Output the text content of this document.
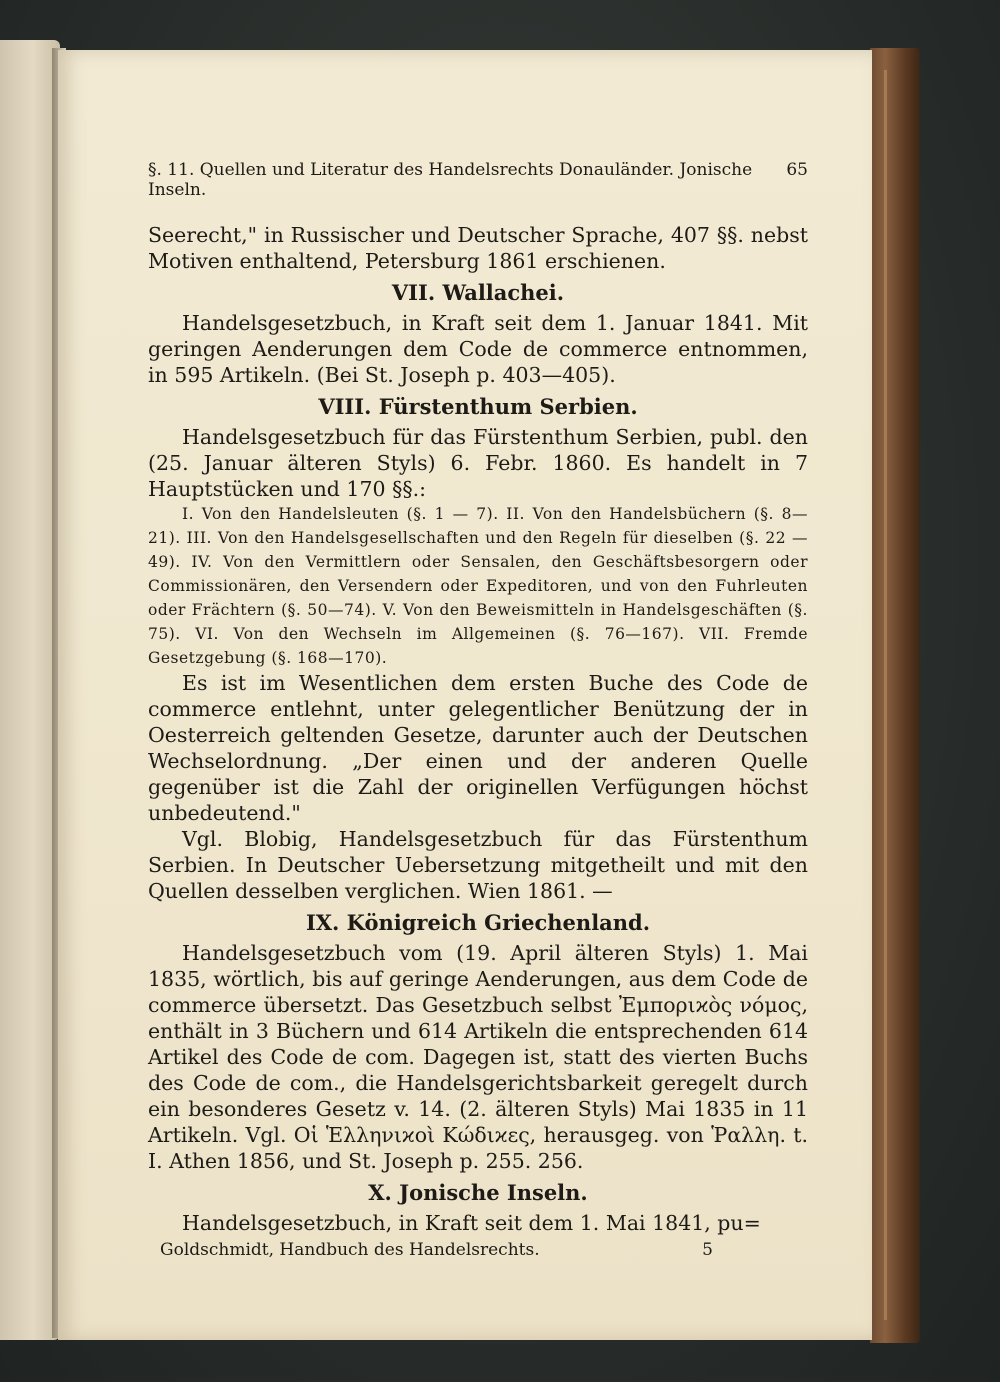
§. 11. Quellen und Literatur des Handelsrechts Donauländer. Jonische Inseln.
65

Seerecht," in Russischer und Deutscher Sprache, 407 §§. nebst Motiven enthaltend, Petersburg 1861 erschienen.

VII. Wallachei.

Handelsgesetzbuch, in Kraft seit dem 1. Januar 1841. Mit geringen Aenderungen dem Code de commerce entnommen, in 595 Artikeln. (Bei St. Joseph p. 403—405).

VIII. Fürstenthum Serbien.

Handelsgesetzbuch für das Fürstenthum Serbien, publ. den (25. Januar älteren Styls) 6. Febr. 1860. Es handelt in 7 Hauptstücken und 170 §§.:

I. Von den Handelsleuten (§. 1 — 7). II. Von den Handelsbüchern (§. 8—21). III. Von den Handelsgesellschaften und den Regeln für dieselben (§. 22 — 49). IV. Von den Vermittlern oder Sensalen, den Geschäftsbesorgern oder Commissionären, den Versendern oder Expeditoren, und von den Fuhrleuten oder Frächtern (§. 50—74). V. Von den Beweismitteln in Handelsgeschäften (§. 75). VI. Von den Wechseln im Allgemeinen (§. 76—167). VII. Fremde Gesetzgebung (§. 168—170).

Es ist im Wesentlichen dem ersten Buche des Code de commerce entlehnt, unter gelegentlicher Benützung der in Oesterreich geltenden Gesetze, darunter auch der Deutschen Wechselordnung. „Der einen und der anderen Quelle gegenüber ist die Zahl der originellen Verfügungen höchst unbedeutend."

Vgl. Blobig, Handelsgesetzbuch für das Fürstenthum Serbien. In Deutscher Uebersetzung mitgetheilt und mit den Quellen desselben verglichen. Wien 1861. —

IX. Königreich Griechenland.

Handelsgesetzbuch vom (19. April älteren Styls) 1. Mai 1835, wörtlich, bis auf geringe Aenderungen, aus dem Code de commerce übersetzt. Das Gesetzbuch selbst Ἐμποριϰὸς νόμος, enthält in 3 Büchern und 614 Artikeln die entsprechenden 614 Artikel des Code de com. Dagegen ist, statt des vierten Buchs des Code de com., die Handelsgerichtsbarkeit geregelt durch ein besonderes Gesetz v. 14. (2. älteren Styls) Mai 1835 in 11 Artikeln. Vgl. Οἱ Ἑλληνιϰοὶ Κώδιϰες, herausgeg. von Ῥαλλη. t. I. Athen 1856, und St. Joseph p. 255. 256.

X. Jonische Inseln.

Handelsgesetzbuch, in Kraft seit dem 1. Mai 1841, pu=

Goldschmidt, Handbuch des Handelsrechts.	5
